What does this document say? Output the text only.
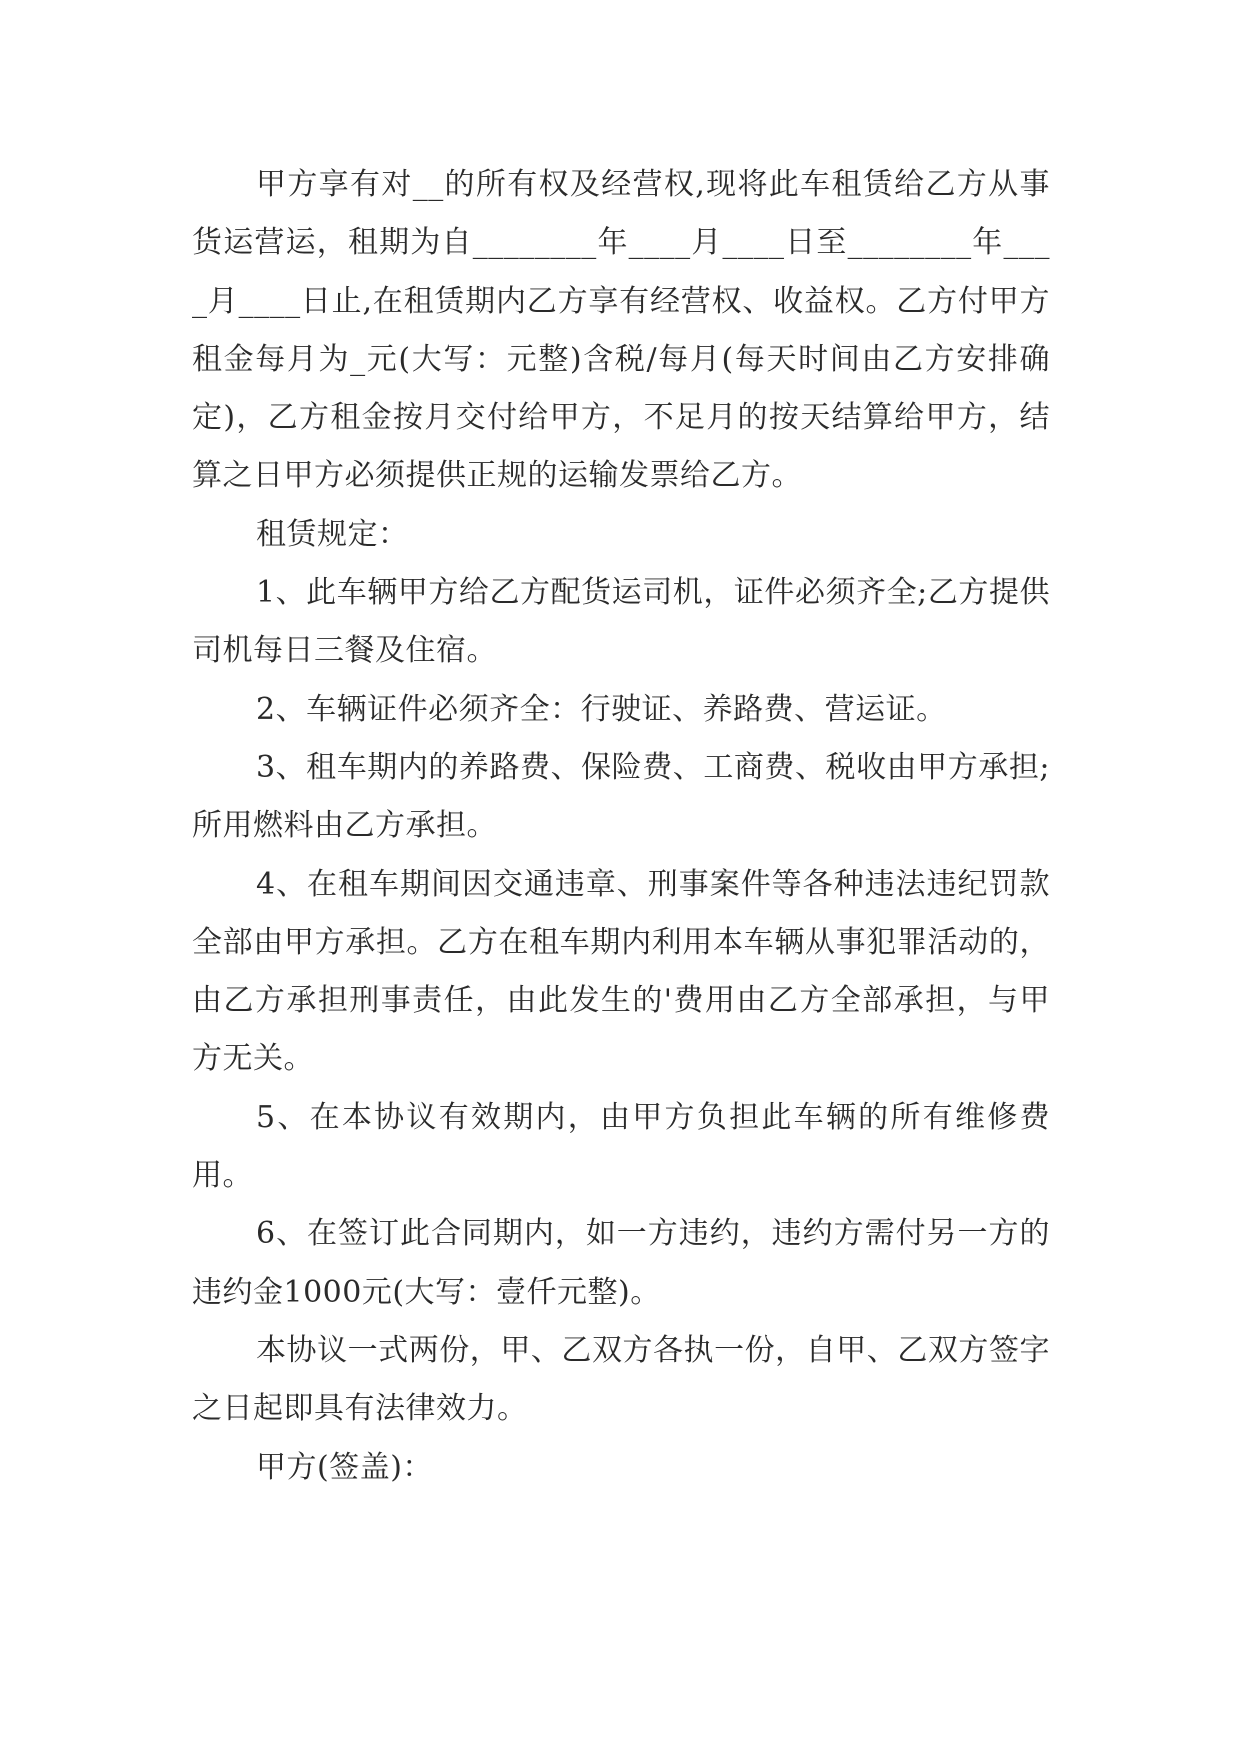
甲方享有对__的所有权及经营权,现将此车租赁给乙方从事货运营运，租期为自________年____月____日至________年____月____日止,在租赁期内乙方享有经营权、收益权。乙方付甲方租金每月为_元(大写：元整)含税/每月(每天时间由乙方安排确定)，乙方租金按月交付给甲方，不足月的按天结算给甲方，结算之日甲方必须提供正规的运输发票给乙方。

租赁规定：

1、此车辆甲方给乙方配货运司机，证件必须齐全;乙方提供司机每日三餐及住宿。

2、车辆证件必须齐全：行驶证、养路费、营运证。

3、租车期内的养路费、保险费、工商费、税收由甲方承担;所用燃料由乙方承担。

4、在租车期间因交通违章、刑事案件等各种违法违纪罚款全部由甲方承担。乙方在租车期内利用本车辆从事犯罪活动的，由乙方承担刑事责任，由此发生的'费用由乙方全部承担，与甲方无关。

5、在本协议有效期内，由甲方负担此车辆的所有维修费用。

6、在签订此合同期内，如一方违约，违约方需付另一方的违约金1000元(大写：壹仟元整)。

本协议一式两份，甲、乙双方各执一份，自甲、乙双方签字之日起即具有法律效力。

甲方(签盖)：
